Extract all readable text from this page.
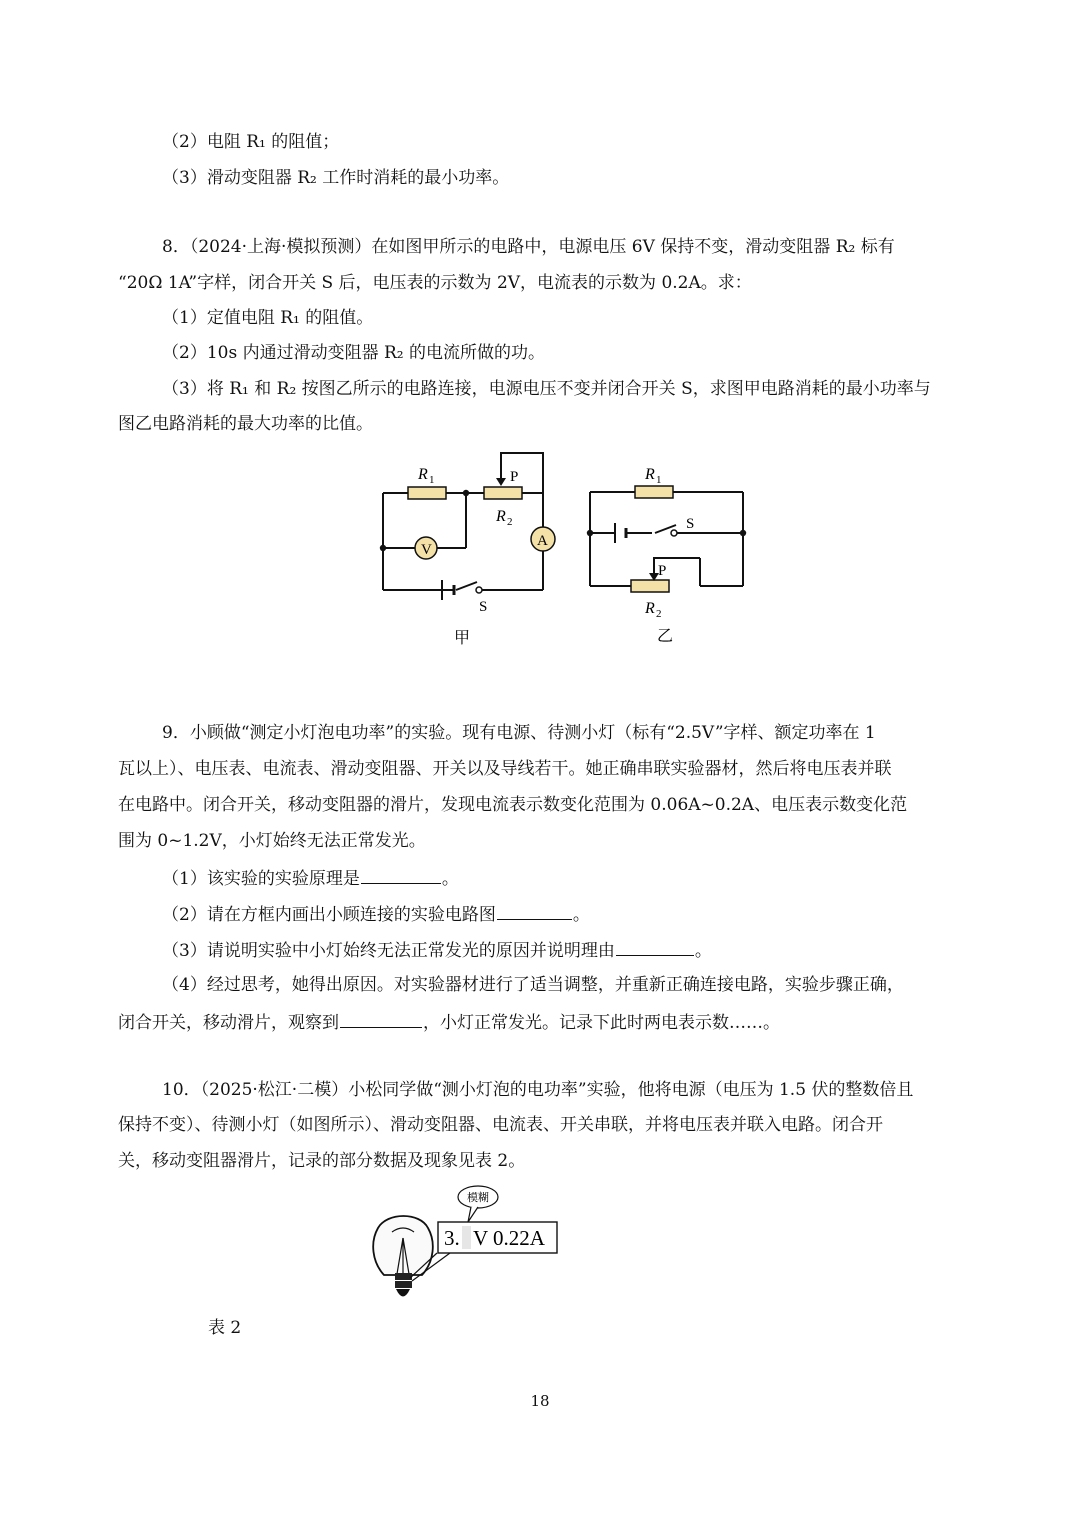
（2）电阻 R₁ 的阻值；
（3）滑动变阻器 R₂ 工作时消耗的最小功率。
8．（2024·上海·模拟预测）在如图甲所示的电路中，电源电压 6V 保持不变，滑动变阻器 R₂ 标有
“20Ω 1A”字样，闭合开关 S 后，电压表的示数为 2V，电流表的示数为 0.2A。求：
（1）定值电阻 R₁ 的阻值。
（2）10s 内通过滑动变阻器 R₂ 的电流所做的功。
（3）将 R₁ 和 R₂ 按图乙所示的电路连接，电源电压不变并闭合开关 S，求图甲电路消耗的最小功率与
图乙电路消耗的最大功率的比值。
R 1
R 2
P
V
A
S
甲
R 1
R 2
P
S
乙
9．小顾做“测定小灯泡电功率”的实验。现有电源、待测小灯（标有“2.5V”字样、额定功率在 1
瓦以上）、电压表、电流表、滑动变阻器、开关以及导线若干。她正确串联实验器材，然后将电压表并联
在电路中。闭合开关，移动变阻器的滑片，发现电流表示数变化范围为 0.06A~0.2A、电压表示数变化范
围为 0~1.2V，小灯始终无法正常发光。
（1）该实验的实验原理是	。
（2）请在方框内画出小顾连接的实验电路图	。
（3）请说明实验中小灯始终无法正常发光的原因并说明理由	。
（4）经过思考，她得出原因。对实验器材进行了适当调整，并重新正确连接电路，实验步骤正确，
闭合开关，移动滑片，观察到	，小灯正常发光。记录下此时两电表示数……。
10．（2025·松江·二模）小松同学做“测小灯泡的电功率”实验，他将电源（电压为 1.5 伏的整数倍且
保持不变）、待测小灯（如图所示）、滑动变阻器、电流表、开关串联，并将电压表并联入电路。闭合开
关，移动变阻器滑片，记录的部分数据及现象见表 2。
3. V 0.22A
模糊
表 2
18
